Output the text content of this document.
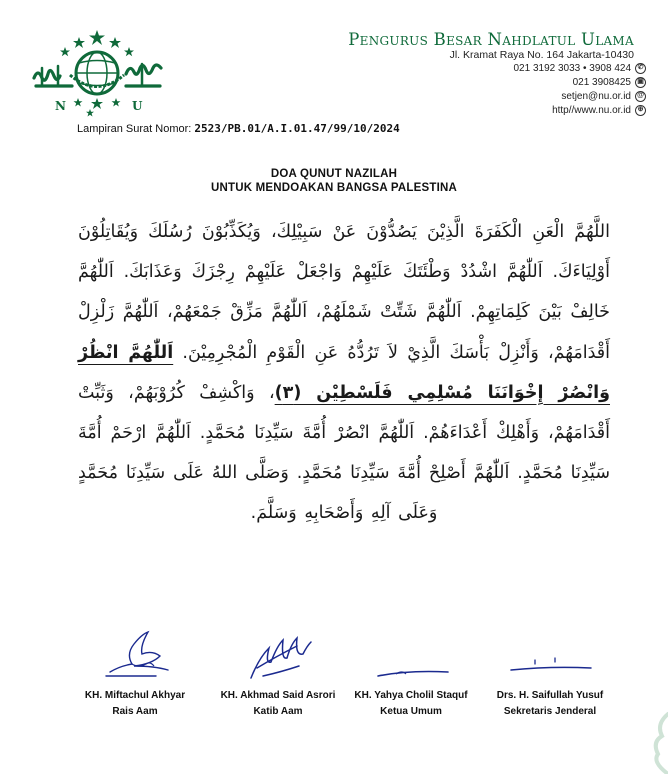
N	U
Pengurus Besar Nahdlatul Ulama
Jl. Kramat Raya No. 164 Jakarta-10430
021 3192 3033 • 3908 424 ✆
021 3908425 ▣
setjen@nu.or.id @
http//www.nu.or.id ⊕
Lampiran Surat Nomor: 2523/PB.01/A.I.01.47/99/10/2024
DOA QUNUT NAZILAH
UNTUK MENDOAKAN BANGSA PALESTINA
اللَّهُمَّ الْعَنِ الْكَفَرَةَ الَّذِيْنَ يَصُدُّوْنَ عَنْ سَبِيْلِكَ، وَيُكَذِّبُوْنَ رُسُلَكَ وَيُقَاتِلُوْنَ أَوْلِيَاءَكَ. اَللّٰهُمَّ اشْدُدْ وَطْئَتَكَ عَلَيْهِمْ وَاجْعَلْ عَلَيْهِمْ رِجْزَكَ وَعَذَابَكَ. اَللّٰهُمَّ خَالِفْ بَيْنَ كَلِمَاتِهِمْ. اَللّٰهُمَّ شَتِّتْ شَمْلَهُمْ، اَللّٰهُمَّ مَزِّقْ جَمْعَهُمْ، اَللّٰهُمَّ زَلْزِلْ أَقْدَامَهُمْ، وَأَنْزِلْ بَأْسَكَ الَّذِيْ لاَ تَرُدُّهُ عَنِ الْقَوْمِ الْمُجْرِمِيْنَ. اَللّٰهُمَّ انْظُرْ وَانْصُرْ إِخْوَانَنَا مُسْلِمِي فَلَسْطِيْن (٣)، وَاكْشِفْ كُرُوْبَهُمْ، وَثَبِّتْ أَقْدَامَهُمْ، وَأَهْلِكْ أَعْدَاءَهُمْ. اَللّٰهُمَّ انْصُرْ أُمَّةَ سَيِّدِنَا مُحَمَّدٍ. اَللّٰهُمَّ ارْحَمْ أُمَّةَ سَيِّدِنَا مُحَمَّدٍ. اَللّٰهُمَّ أَصْلِحْ أُمَّةَ سَيِّدِنَا مُحَمَّدٍ. وَصَلَّى اللهُ عَلَى سَيِّدِنَا مُحَمَّدٍ وَعَلَى آلِهِ وَأَصْحَابِهِ وَسَلَّمَ.
KH. Miftachul Akhyar
Rais Aam
KH. Akhmad Said Asrori
Katib Aam
KH. Yahya Cholil Staquf
Ketua Umum
Drs. H. Saifullah Yusuf
Sekretaris Jenderal
